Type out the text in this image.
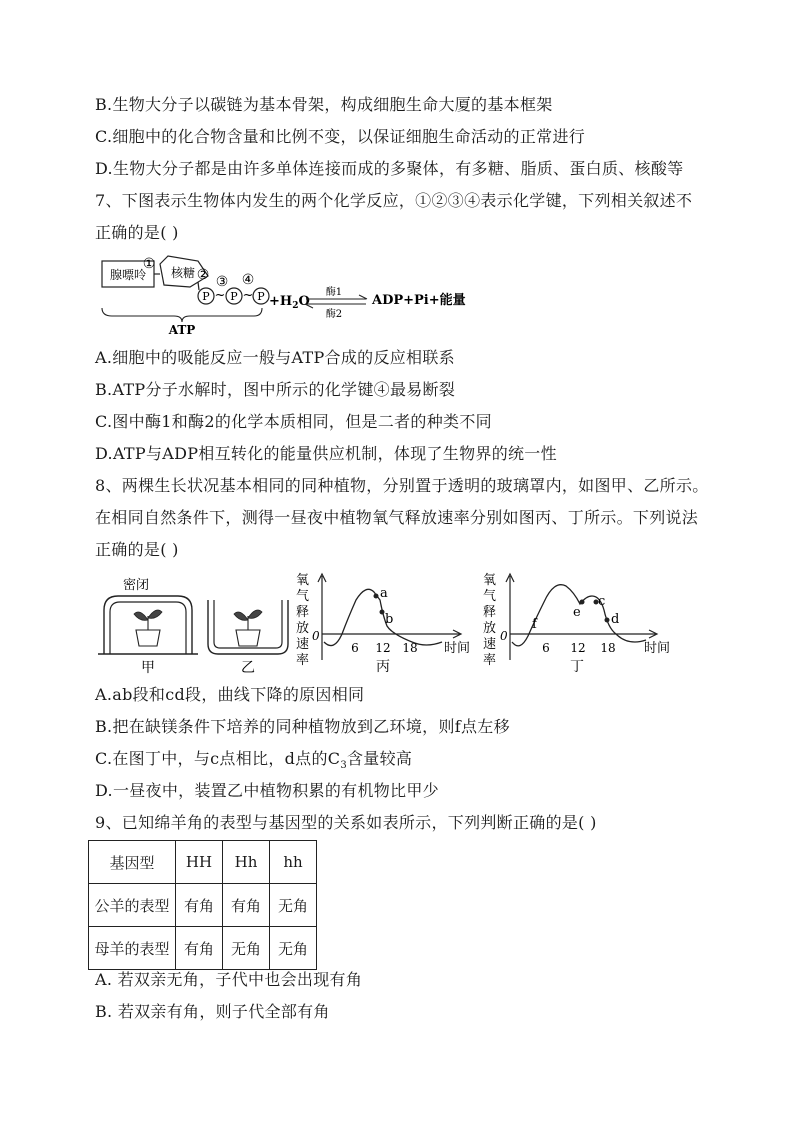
B.生物大分子以碳链为基本骨架，构成细胞生命大厦的基本框架
C.细胞中的化合物含量和比例不变，以保证细胞生命活动的正常进行
D.生物大分子都是由许多单体连接而成的多聚体，有多糖、脂质、蛋白质、核酸等
7、下图表示生物体内发生的两个化学反应，①②③④表示化学键，下列相关叙述不
正确的是( )
腺嘌呤
①
核糖 ② ③ ④
P ~ P ~ $P +H_2O$
酶1
酶2
ADP+Pi+能量
ATP
A.细胞中的吸能反应一般与ATP合成的反应相联系
B.ATP分子水解时，图中所示的化学键④最易断裂
C.图中酶1和酶2的化学本质相同，但是二者的种类不同
D.ATP与ADP相互转化的能量供应机制，体现了生物界的统一性
8、两棵生长状况基本相同的同种植物，分别置于透明的玻璃罩内，如图甲、乙所示。
在相同自然条件下，测得一昼夜中植物氧气释放速率分别如图丙、丁所示。下列说法
正确的是( )
密闭
甲	乙
氧
气
释
放
速
率
0
a
b
6 12 18 时间
丙
氧
气
释
放
速
率
0
f
e
c
d
6 12 18 时间
丁
A.ab段和cd段，曲线下降的原因相同
B.把在缺镁条件下培养的同种植物放到乙环境，则f点左移
C.在图丁中，与c点相比，d点的$C_3$含量较高
D.一昼夜中，装置乙中植物积累的有机物比甲少
9、已知绵羊角的表型与基因型的关系如表所示，下列判断正确的是( )
基因型	HH	Hh	hh
公羊的表型	有角	有角	无角
母羊的表型	有角	无角	无角
A. 若双亲无角，子代中也会出现有角
B. 若双亲有角，则子代全部有角
